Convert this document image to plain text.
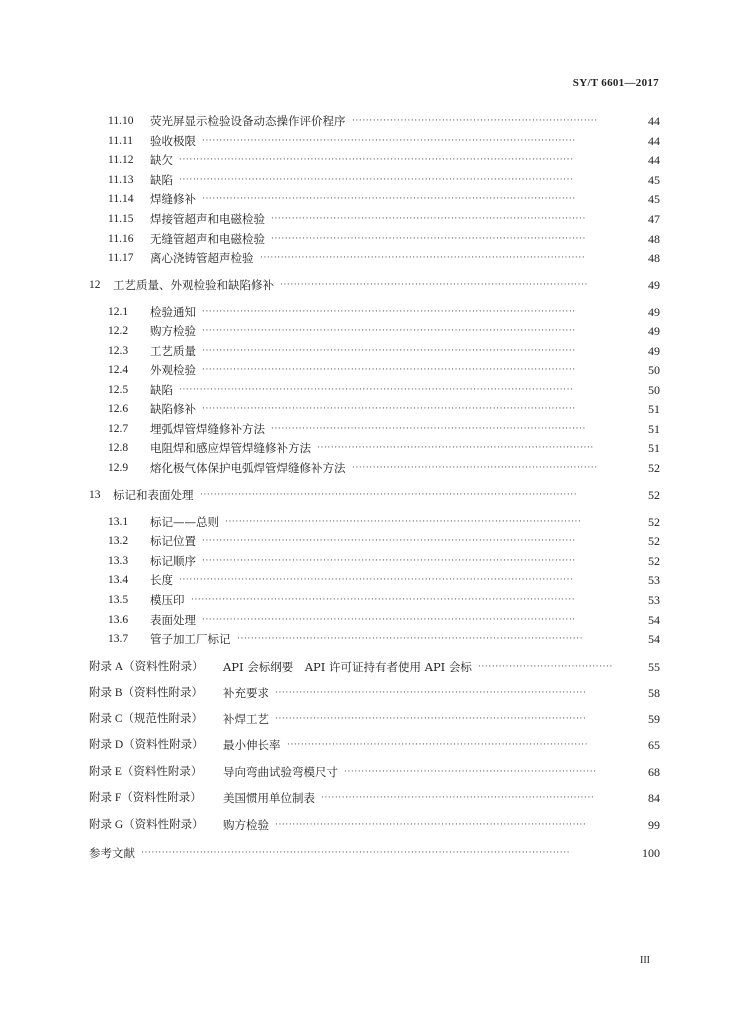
SY/T 6601—2017
11.10 荧光屏显示检验设备动态操作评价程序 ·······································································	44
11.11 验收极限 ············································································································	44
11.12 缺欠 ··················································································································	44
11.13 缺陷 ··················································································································	45
11.14 焊缝修补 ············································································································	45
11.15 焊接管超声和电磁检验 ···························································································	47
11.16 无缝管超声和电磁检验 ···························································································	48
11.17 离心浇铸管超声检验 ······························································································	48
12 工艺质量、外观检验和缺陷修补 ·························································································	49
12.1 检验通知 ············································································································	49
12.2 购方检验 ············································································································	49
12.3 工艺质量 ············································································································	49
12.4 外观检验 ············································································································	50
12.5 缺陷 ··················································································································	50
12.6 缺陷修补 ············································································································	51
12.7 埋弧焊管焊缝修补方法 ···························································································	51
12.8 电阻焊和感应焊管焊缝修补方法 ················································································	51
12.9 熔化极气体保护电弧焊管焊缝修补方法 ·······································································	52
13 标记和表面处理 ·············································································································	52
13.1 标记——总则 ·······································································································	52
13.2 标记位置 ············································································································	52
13.3 标记顺序 ············································································································	52
13.4 长度 ··················································································································	53
13.5 模压印 ···············································································································	53
13.6 表面处理 ············································································································	54
13.7 管子加工厂标记 ····································································································	54
附录 A（资料性附录） API 会标纲要　API 许可证持有者使用 API 会标 ·······································	55
附录 B（资料性附录） 补充要求 ··························································································	58
附录 C（规范性附录） 补焊工艺 ··························································································	59
附录 D（资料性附录） 最小伸长率 ·······················································································	65
附录 E（资料性附录） 导向弯曲试验弯模尺寸 ·········································································	68
附录 F（资料性附录） 美国惯用单位制表 ···············································································	84
附录 G（资料性附录） 购方检验 ··························································································	99
参考文献 ····························································································································	100
III
